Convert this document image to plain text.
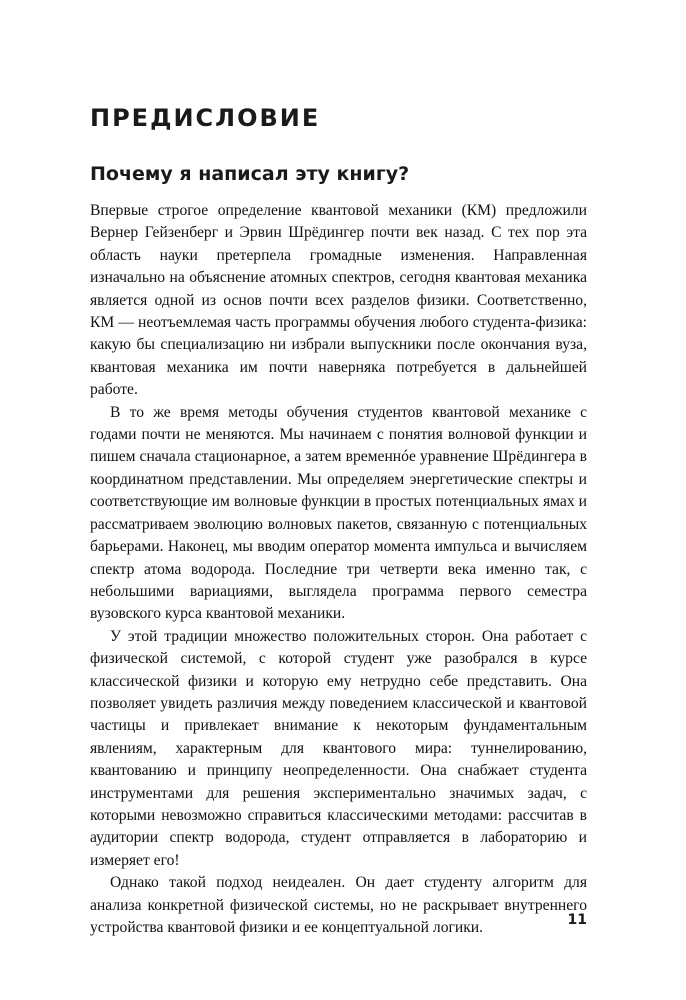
ПРЕДИСЛОВИЕ
Почему я написал эту книгу?

Впервые строгое определение квантовой механики (КМ) предложили Вернер Гейзенберг и Эрвин Шрёдингер почти век назад. С тех пор эта область науки претерпела громадные изменения. Направленная изначально на объяснение атомных спектров, сегодня квантовая механика является одной из основ почти всех разделов физики. Соответственно, КМ — неотъемлемая часть программы обучения любого студента-физика: какую бы специализацию ни избрали выпускники после окончания вуза, квантовая механика им почти наверняка потребуется в дальнейшей работе.

В то же время методы обучения студентов квантовой механике с годами почти не меняются. Мы начинаем с понятия волновой функции и пишем сначала стационарное, а затем временнóе уравнение Шрёдингера в координатном представлении. Мы определяем энергетические спектры и соответствующие им волновые функции в простых потенциальных ямах и рассматриваем эволюцию волновых пакетов, связанную с потенциальных барьерами. Наконец, мы вводим оператор момента импульса и вычисляем спектр атома водорода. Последние три четверти века именно так, с небольшими вариациями, выглядела программа первого семестра вузовского курса квантовой механики.

У этой традиции множество положительных сторон. Она работает с физической системой, с которой студент уже разобрался в курсе классической физики и которую ему нетрудно себе представить. Она позволяет увидеть различия между поведением классической и квантовой частицы и привлекает внимание к некоторым фундаментальным явлениям, характерным для квантового мира: туннелированию, квантованию и принципу неопределенности. Она снабжает студента инструментами для решения экспериментально значимых задач, с которыми невозможно справиться классическими методами: рассчитав в аудитории спектр водорода, студент отправляется в лабораторию и измеряет его!

Однако такой подход неидеален. Он дает студенту алгоритм для анализа конкретной физической системы, но не раскрывает внутреннего устройства квантовой физики и ее концептуальной логики.	11
